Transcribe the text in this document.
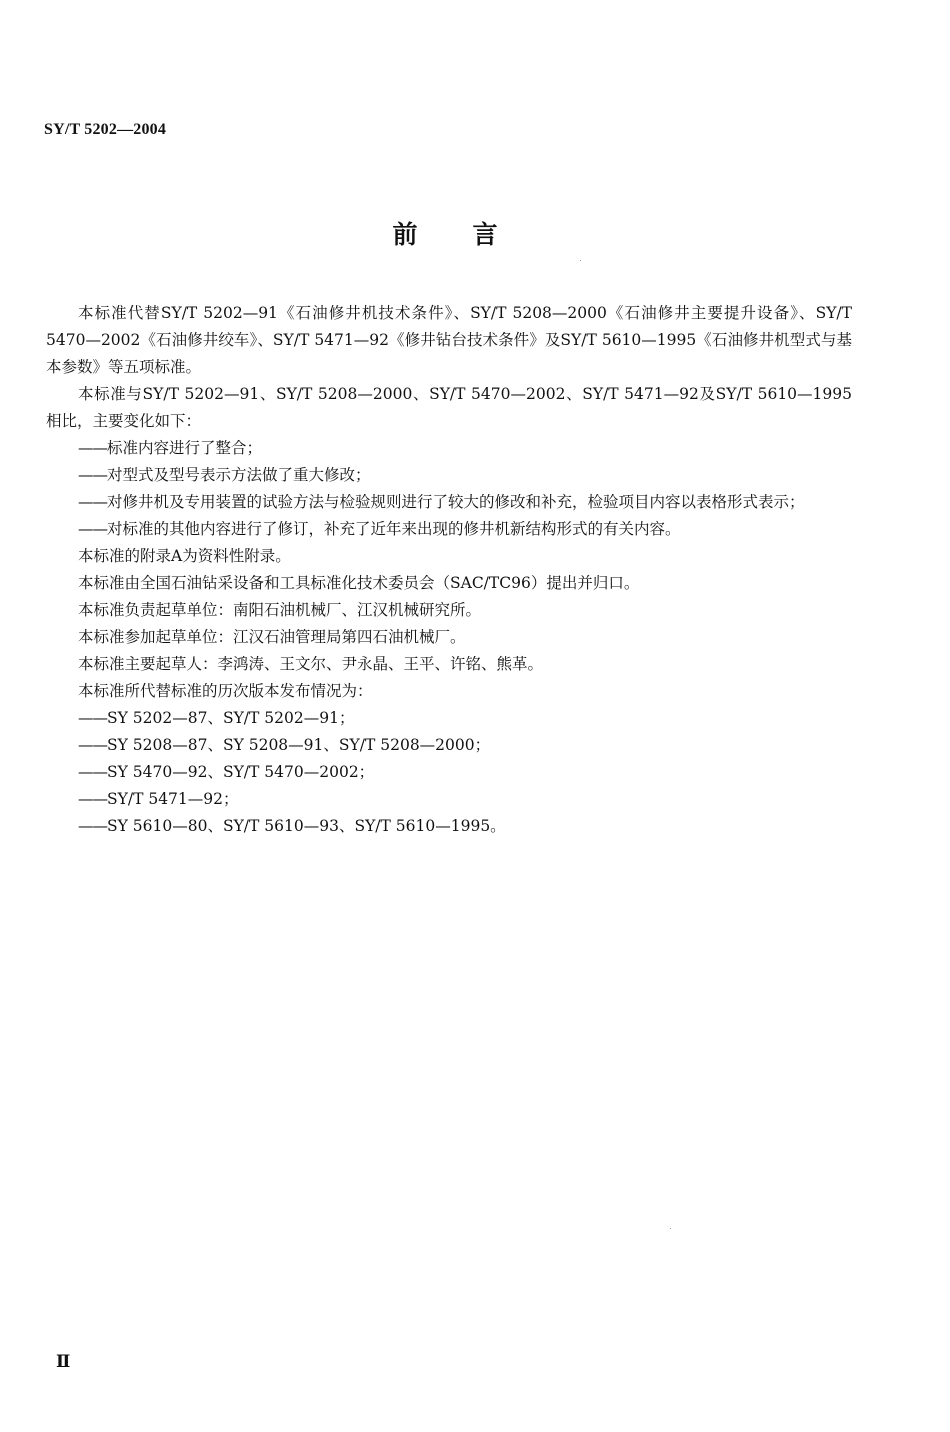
SY/T 5202—2004
前言

本标准代替SY/T 5202—91《石油修井机技术条件》、SY/T 5208—2000《石油修井主要提升设备》、SY/T 5470—2002《石油修井绞车》、SY/T 5471—92《修井钻台技术条件》及SY/T 5610—1995《石油修井机型式与基本参数》等五项标准。

本标准与SY/T 5202—91、SY/T 5208—2000、SY/T 5470—2002、SY/T 5471—92及SY/T 5610—1995相比，主要变化如下：

——标准内容进行了整合；

——对型式及型号表示方法做了重大修改；

——对修井机及专用装置的试验方法与检验规则进行了较大的修改和补充，检验项目内容以表格形式表示；

——对标准的其他内容进行了修订，补充了近年来出现的修井机新结构形式的有关内容。

本标准的附录A为资料性附录。

本标准由全国石油钻采设备和工具标准化技术委员会（SAC/TC96）提出并归口。

本标准负责起草单位：南阳石油机械厂、江汉机械研究所。

本标准参加起草单位：江汉石油管理局第四石油机械厂。

本标准主要起草人：李鸿涛、王文尔、尹永晶、王平、许铭、熊革。

本标准所代替标准的历次版本发布情况为：

——SY 5202—87、SY/T 5202—91；

——SY 5208—87、SY 5208—91、SY/T 5208—2000；

——SY 5470—92、SY/T 5470—2002；

——SY/T 5471—92；

——SY 5610—80、SY/T 5610—93、SY/T 5610—1995。

Ⅱ
